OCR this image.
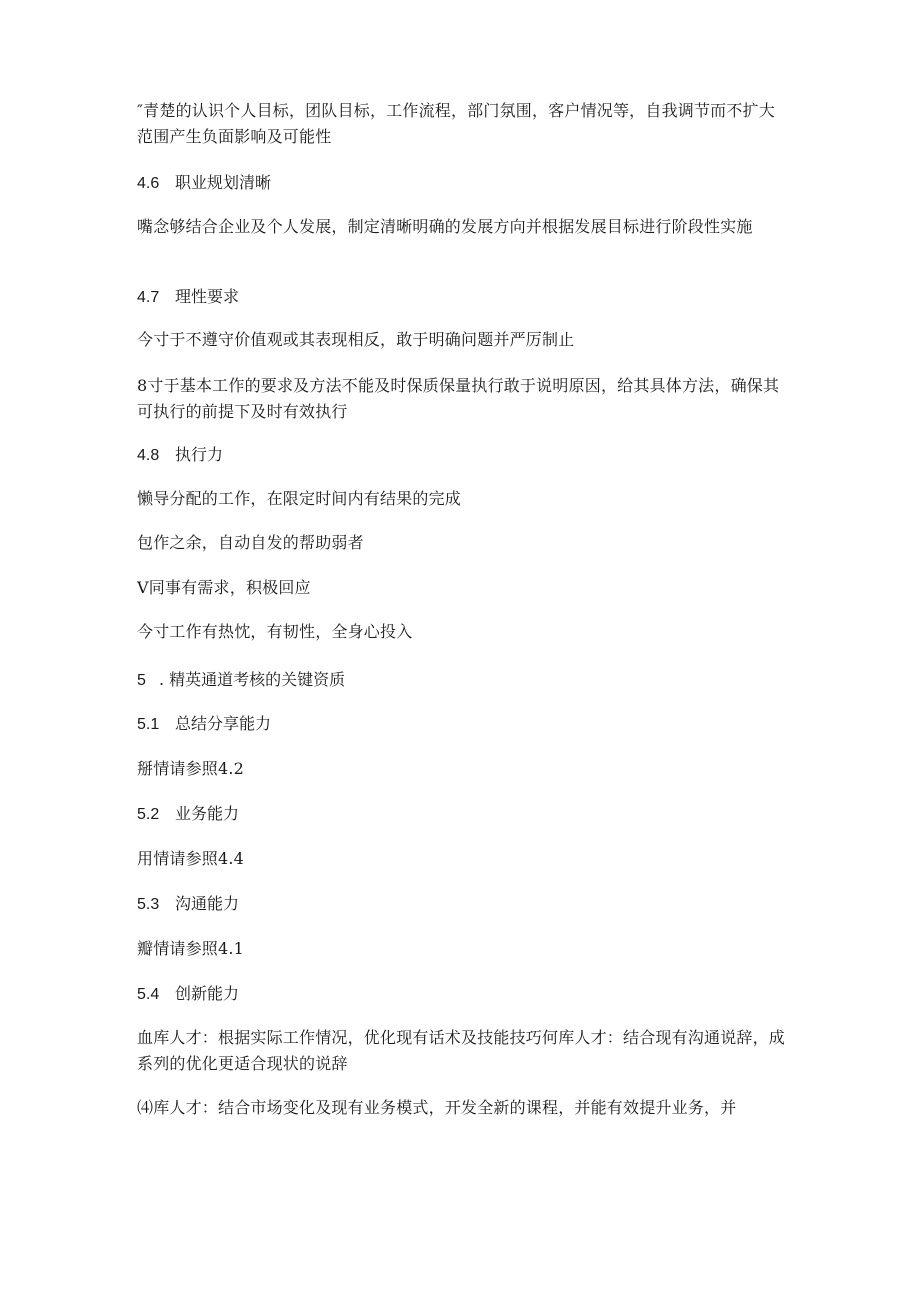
″青楚的认识个人目标，团队目标，工作流程，部门氛围，客户情况等，自我调节而不扩大范围产生负面影响及可能性
4.6 职业规划清晰
嘴念够结合企业及个人发展，制定清晰明确的发展方向并根据发展目标进行阶段性实施
4.7 理性要求
今寸于不遵守价值观或其表现相反，敢于明确问题并严厉制止
8寸于基本工作的要求及方法不能及时保质保量执行敢于说明原因，给其具体方法，确保其可执行的前提下及时有效执行
4.8 执行力
懒导分配的工作，在限定时间内有结果的完成
包作之余，自动自发的帮助弱者
V同事有需求，积极回应
今寸工作有热忱，有韧性，全身心投入
5 . 精英通道考核的关键资质
5.1 总结分享能力
掰情请参照4.2
5.2 业务能力
用情请参照4.4
5.3 沟通能力
瓣情请参照4.1
5.4 创新能力
血库人才：根据实际工作情况，优化现有话术及技能技巧何库人才：结合现有沟通说辞，成系列的优化更适合现状的说辞
⑷库人才：结合市场变化及现有业务模式，开发全新的课程，并能有效提升业务，并
